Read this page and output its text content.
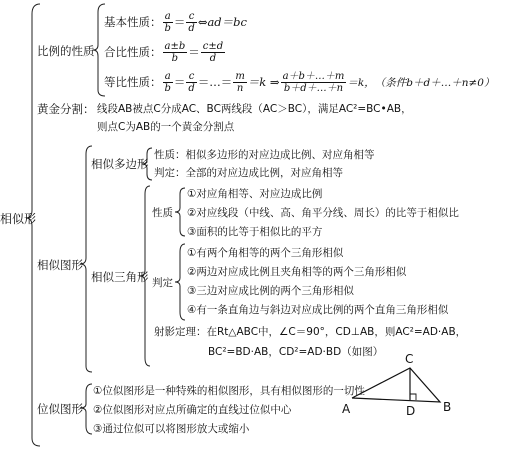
相似形
比例的性质
基本性质： $\frac{a}{b} = \frac{c}{d}$ ⇔ad＝bc
合比性质： $\frac{a\pm b}{b} = \frac{c\pm d}{d}$
等比性质： $\frac{a}{b} = \frac{c}{d}$ ＝…＝ $\frac{m}{n} =k$ ⇒ $\frac{a+b+\dots+m}{b+d+\dots+n} =k$，　（条件b＋d＋…＋n≠0）
黄金分割： 线段AB被点C分成AC、BC两线段（AC＞BC），满足AC²=BC•AB，
则点C为AB的一个黄金分割点
相似图形
相似多边形
性质：相似多边形的对应边成比例、对应角相等
判定：全部的对应边成比例，对应角相等
相似三角形
性质
①对应角相等、对应边成比例
②对应线段（中线、高、角平分线、周长）的比等于相似比
③面积的比等于相似比的平方
判定
①有两个角相等的两个三角形相似
②两边对应成比例且夹角相等的两个三角形相似
③三边对应成比例的两个三角形相似
④有一条直角边与斜边对应成比例的两个直角三角形相似
射影定理：在Rt△ABC中，∠C＝90°，CD⊥AB，则AC²=AD·AB，
BC²=BD·AB，CD²=AD·BD（如图）
位似图形
①位似图形是一种特殊的相似图形，具有相似图形的一切性
②位似图形对应点所确定的直线过位似中心
③通过位似可以将图形放大或缩小
C
A	B
D
